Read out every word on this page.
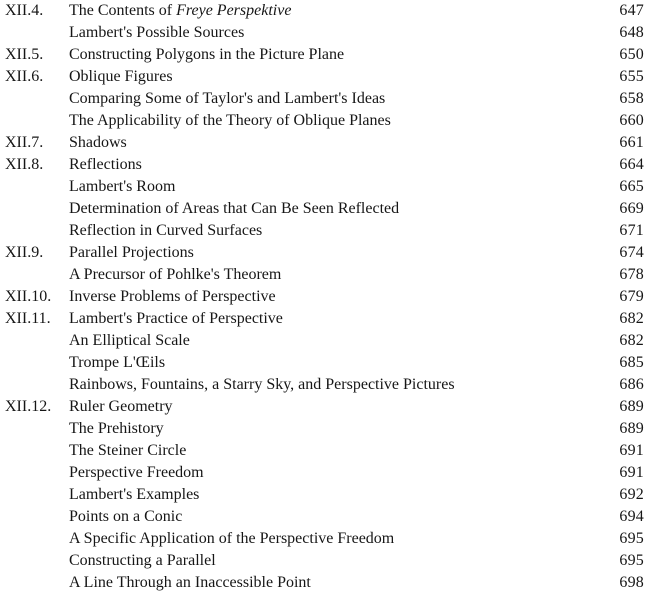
XII.4. The Contents of Freye Perspektive	647
Lambert's Possible Sources	648
XII.5. Constructing Polygons in the Picture Plane	650
XII.6. Oblique Figures	655
Comparing Some of Taylor's and Lambert's Ideas	658
The Applicability of the Theory of Oblique Planes	660
XII.7. Shadows	661
XII.8. Reflections	664
Lambert's Room	665
Determination of Areas that Can Be Seen Reflected	669
Reflection in Curved Surfaces	671
XII.9. Parallel Projections	674
A Precursor of Pohlke's Theorem	678
XII.10. Inverse Problems of Perspective	679
XII.11. Lambert's Practice of Perspective	682
An Elliptical Scale	682
Trompe L'Œils	685
Rainbows, Fountains, a Starry Sky, and Perspective Pictures	686
XII.12. Ruler Geometry	689
The Prehistory	689
The Steiner Circle	691
Perspective Freedom	691
Lambert's Examples	692
Points on a Conic	694
A Specific Application of the Perspective Freedom	695
Constructing a Parallel	695
A Line Through an Inaccessible Point	698
